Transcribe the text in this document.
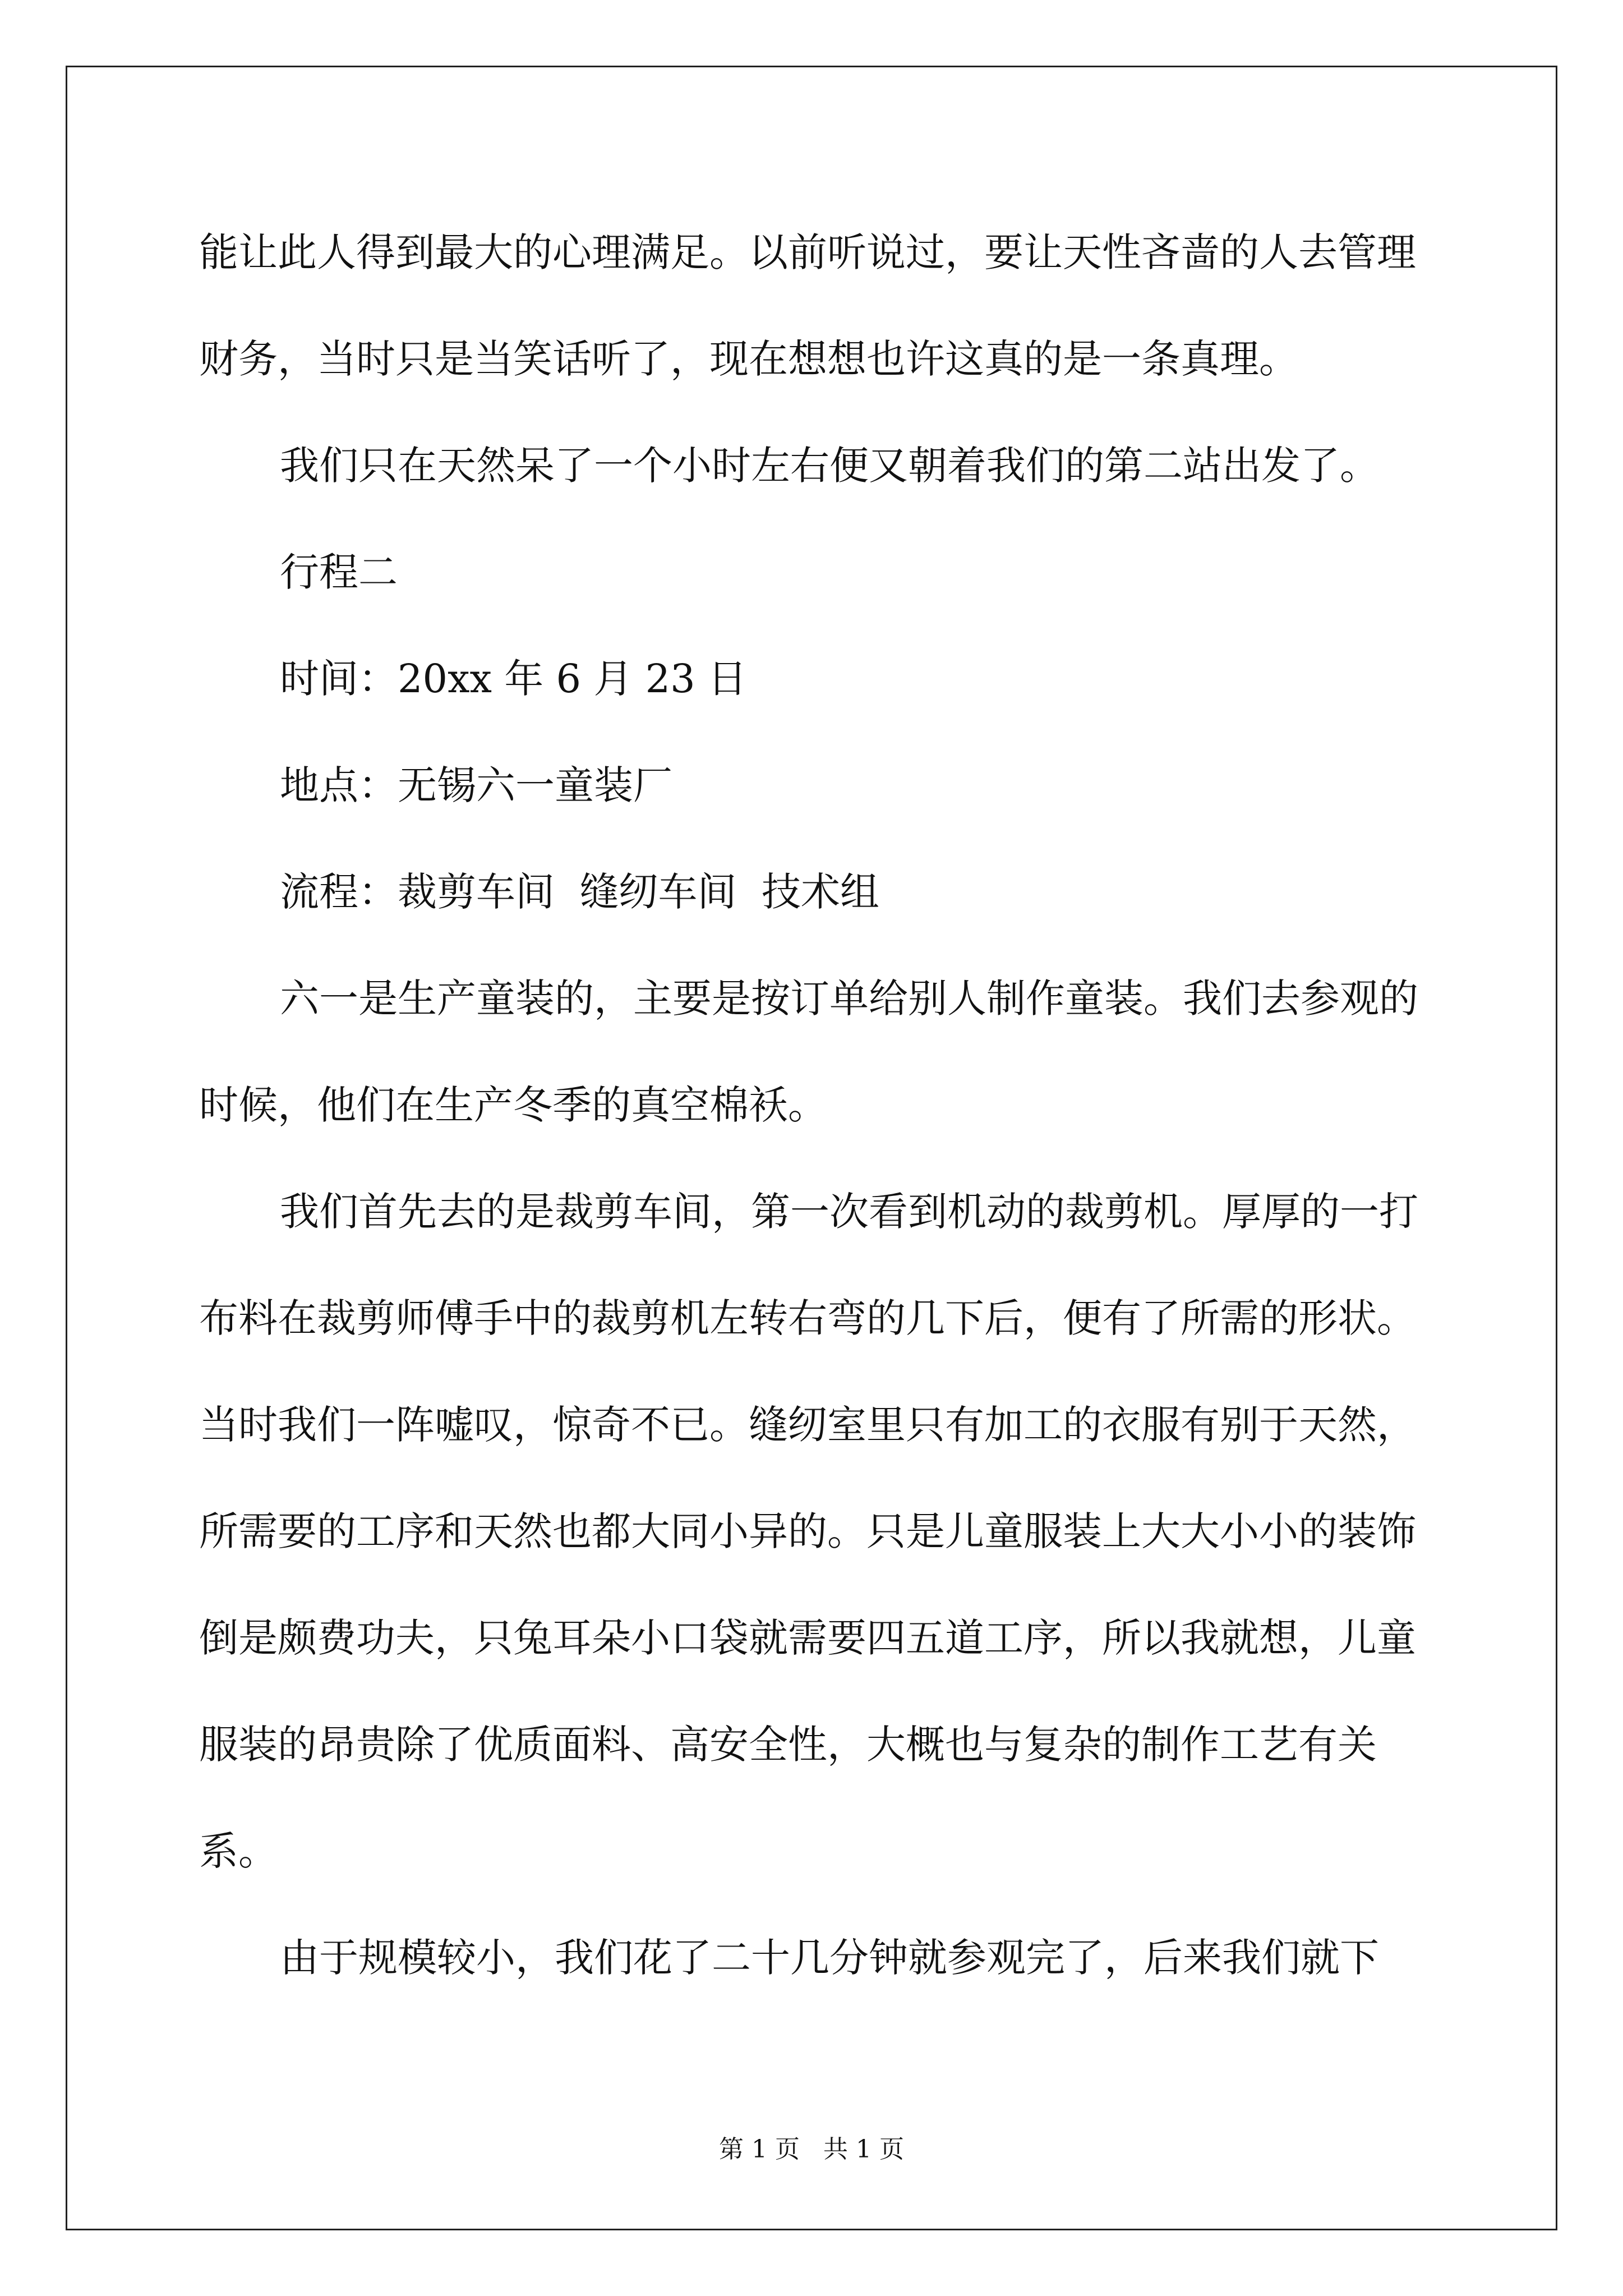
能让此人得到最大的心理满足。以前听说过，要让天性吝啬的人去管理财务，当时只是当笑话听了，现在想想也许这真的是一条真理。

我们只在天然呆了一个小时左右便又朝着我们的第二站出发了。

行程二

时间：20xx 年 6 月 23 日

地点：无锡六一童装厂

流程：裁剪车间  缝纫车间  技术组

六一是生产童装的，主要是按订单给别人制作童装。我们去参观的时候，他们在生产冬季的真空棉袄。

我们首先去的是裁剪车间，第一次看到机动的裁剪机。厚厚的一打布料在裁剪师傅手中的裁剪机左转右弯的几下后，便有了所需的形状。当时我们一阵嘘叹，惊奇不已。缝纫室里只有加工的衣服有别于天然，所需要的工序和天然也都大同小异的。只是儿童服装上大大小小的装饰倒是颇费功夫，只兔耳朵小口袋就需要四五道工序，所以我就想，儿童服装的昂贵除了优质面料、高安全性，大概也与复杂的制作工艺有关系。

由于规模较小，我们花了二十几分钟就参观完了，后来我们就下

第 1 页 共 1 页
